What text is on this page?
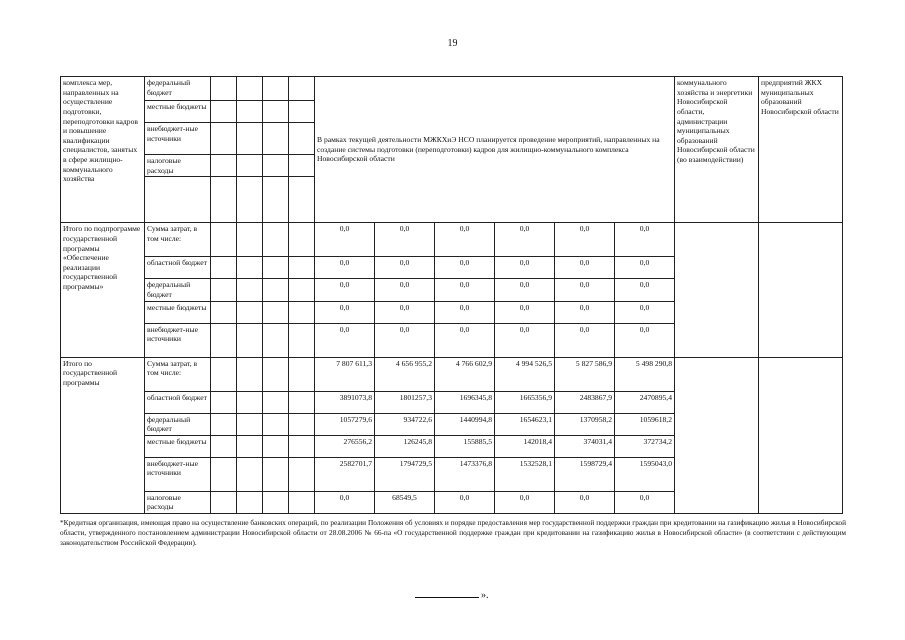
19
комплекса мер, направленных на осуществление подготовки, переподготовки кадров и повышение квалификации специалистов, занятых в сфере жилищно-коммунального хозяйства	федеральный бюджет					В рамках текущей деятельности МЖКХиЭ НСО планируется проведение мероприятий, направленных на создание системы подготовки (переподготовки) кадров для жилищно-коммунального комплекса Новосибирской области						коммунального хозяйства и энергетики Новосибирской области, администрации муниципальных образований Новосибирской области (во взаимодействии)	предприятий ЖКХ муниципальных образований Новосибирской области
	местные бюджеты												
	внебюджет-ные источники												
	налоговые расходы												

Итого по подпрограмме государственной программы «Обеспечение реализации государственной программы»	Сумма затрат, в том числе:					0,0	0,0	0,0	0,0	0,0	0,0		
	областной бюджет					0,0	0,0	0,0	0,0	0,0	0,0		
	федеральный бюджет					0,0	0,0	0,0	0,0	0,0	0,0		
	местные бюджеты					0,0	0,0	0,0	0,0	0,0	0,0		
	внебюджет-ные источники					0,0	0,0	0,0	0,0	0,0	0,0		
Итого по государственной программы	Сумма затрат, в том числе:					7 807 611,3	4 656 955,2	4 766 602,9	4 994 526,5	5 827 586,9	5 498 290,8		
	областной бюджет					3891073,8	1801257,3	1696345,8	1665356,9	2483867,9	2470895,4		
	федеральный бюджет					1057279,6	934722,6	1440994,8	1654623,1	1370958,2	1059618,2		
	местные бюджеты					276556,2	126245,8	155885,5	142018,4	374031,4	372734,2		
	внебюджет-ные источники					2582701,7	1794729,5	1473376,8	1532528,1	1598729,4	1595043,0		
	налоговые расходы					0,0	68549,5	0,0	0,0	0,0	0,0		
*Кредитная организация, имеющая право на осуществление банковских операций, по реализации Положения об условиях и порядке предоставления мер государственной поддержки граждан при кредитовании на газификацию жилья в Новосибирской области, утвержденного постановлением администрации Новосибирской области от 28.08.2006 № 66-па «О государственной поддержке граждан при кредитовании на газификацию жилья в Новосибирской области» (в соответствии с действующим законодательством Российской Федерации).
».
